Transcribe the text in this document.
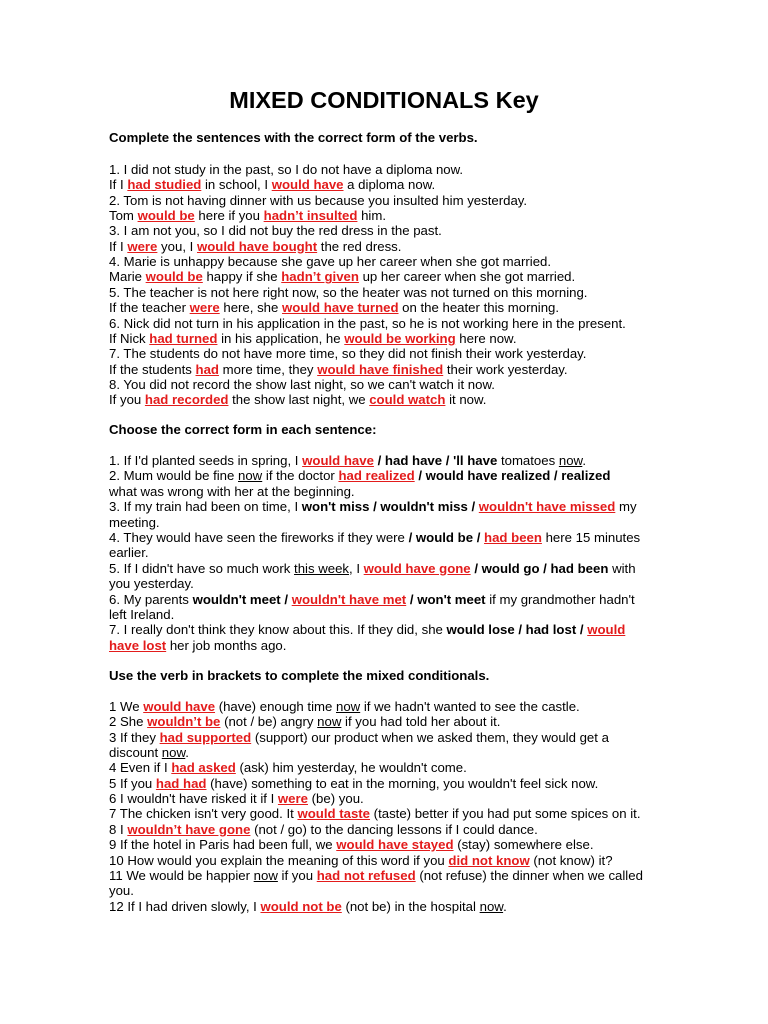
MIXED CONDITIONALS Key
Complete the sentences with the correct form of the verbs.
1. I did not study in the past, so I do not have a diploma now.
If I had studied in school, I would have a diploma now.
2. Tom is not having dinner with us because you insulted him yesterday.
Tom would be here if you hadn’t insulted him.
3. I am not you, so I did not buy the red dress in the past.
If I were you, I would have bought the red dress.
4. Marie is unhappy because she gave up her career when she got married.
Marie would be happy if she hadn’t given up her career when she got married.
5. The teacher is not here right now, so the heater was not turned on this morning.
If the teacher were here, she would have turned on the heater this morning.
6. Nick did not turn in his application in the past, so he is not working here in the present.
If Nick had turned in his application, he would be working here now.
7. The students do not have more time, so they did not finish their work yesterday.
If the students had more time, they would have finished their work yesterday.
8. You did not record the show last night, so we can't watch it now.
If you had recorded the show last night, we could watch it now.
Choose the correct form in each sentence:
1. If I'd planted seeds in spring, I would have / had have / 'll have tomatoes now.
2. Mum would be fine now if the doctor had realized / would have realized / realized
what was wrong with her at the beginning.
3. If my train had been on time, I won't miss / wouldn't miss / wouldn't have missed my
meeting.
4. They would have seen the fireworks if they were / would be / had been here 15 minutes
earlier.
5. If I didn't have so much work this week, I would have gone / would go / had been with
you yesterday.
6. My parents wouldn't meet / wouldn't have met / won't meet if my grandmother hadn't
left Ireland.
7. I really don't think they know about this. If they did, she would lose / had lost / would
have lost her job months ago.
Use the verb in brackets to complete the mixed conditionals.
1 We would have (have) enough time now if we hadn't wanted to see the castle.
2 She wouldn’t be (not / be) angry now if you had told her about it.
3 If they had supported (support) our product when we asked them, they would get a
discount now.
4 Even if I had asked (ask) him yesterday, he wouldn't come.
5 If you had had (have) something to eat in the morning, you wouldn't feel sick now.
6 I wouldn't have risked it if I were (be) you.
7 The chicken isn't very good. It would taste (taste) better if you had put some spices on it.
8 I wouldn’t have gone (not / go) to the dancing lessons if I could dance.
9 If the hotel in Paris had been full, we would have stayed (stay) somewhere else.
10 How would you explain the meaning of this word if you did not know (not know) it?
11 We would be happier now if you had not refused (not refuse) the dinner when we called
you.
12 If I had driven slowly, I would not be (not be) in the hospital now.
